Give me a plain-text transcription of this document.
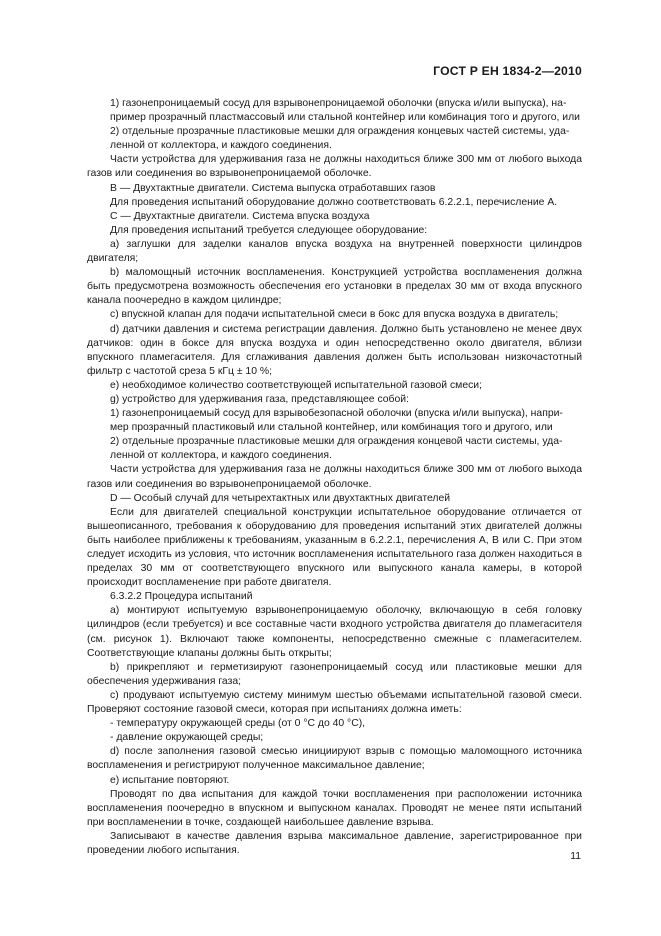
ГОСТ Р ЕН 1834-2—2010

1) газонепроницаемый сосуд для взрывонепроницаемой оболочки (впуска и/или выпуска), на-

пример прозрачный пластмассовый или стальной контейнер или комбинация того и другого, или

2) отдельные прозрачные пластиковые мешки для ограждения концевых частей системы, уда-

ленной от коллектора, и каждого соединения.

Части устройства для удерживания газа не должны находиться ближе 300 мм от любого выхода газов или соединения во взрывонепроницаемой оболочке.

B — Двухтактные двигатели. Система выпуска отработавших газов

Для проведения испытаний оборудование должно соответствовать 6.2.2.1, перечисление A.

C — Двухтактные двигатели. Система впуска воздуха

Для проведения испытаний требуется следующее оборудование:

a) заглушки для заделки каналов впуска воздуха на внутренней поверхности цилиндров двигателя;

b) маломощный источник воспламенения. Конструкцией устройства воспламенения должна быть предусмотрена возможность обеспечения его установки в пределах 30 мм от входа впускного канала поочередно в каждом цилиндре;

c) впускной клапан для подачи испытательной смеси в бокс для впуска воздуха в двигатель;

d) датчики давления и система регистрации давления. Должно быть установлено не менее двух датчиков: один в боксе для впуска воздуха и один непосредственно около двигателя, вблизи впускного пламегасителя. Для сглаживания давления должен быть использован низкочастотный фильтр с частотой среза 5 кГц ± 10 %;

e) необходимое количество соответствующей испытательной газовой смеси;

g) устройство для удерживания газа, представляющее собой:

1) газонепроницаемый сосуд для взрывобезопасной оболочки (впуска и/или выпуска), напри-

мер прозрачный пластиковый или стальной контейнер, или комбинация того и другого, или

2) отдельные прозрачные пластиковые мешки для ограждения концевой части системы, уда-

ленной от коллектора, и каждого соединения.

Части устройства для удерживания газа не должны находиться ближе 300 мм от любого выхода газов или соединения во взрывонепроницаемой оболочке.

D — Особый случай для четырехтактных или двухтактных двигателей

Если для двигателей специальной конструкции испытательное оборудование отличается от вышеописанного, требования к оборудованию для проведения испытаний этих двигателей должны быть наиболее приближены к требованиям, указанным в 6.2.2.1, перечисления A, B или C. При этом следует исходить из условия, что источник воспламенения испытательного газа должен находиться в пределах 30 мм от соответствующего впускного или выпускного канала камеры, в которой происходит воспламенение при работе двигателя.

6.3.2.2 Процедура испытаний

a) монтируют испытуемую взрывонепроницаемую оболочку, включающую в себя головку цилиндров (если требуется) и все составные части входного устройства двигателя до пламегасителя (см. рисунок 1). Включают также компоненты, непосредственно смежные с пламегасителем. Соответствующие клапаны должны быть открыты;

b) прикрепляют и герметизируют газонепроницаемый сосуд или пластиковые мешки для обеспечения удерживания газа;

c) продувают испытуемую систему минимум шестью объемами испытательной газовой смеси. Проверяют состояние газовой смеси, которая при испытаниях должна иметь:

- температуру окружающей среды (от 0 °C до 40 °C),

- давление окружающей среды;

d) после заполнения газовой смесью инициируют взрыв с помощью маломощного источника воспламенения и регистрируют полученное максимальное давление;

e) испытание повторяют.

Проводят по два испытания для каждой точки воспламенения при расположении источника воспламенения поочередно в впускном и выпускном каналах. Проводят не менее пяти испытаний при воспламенении в точке, создающей наибольшее давление взрыва.

Записывают в качестве давления взрыва максимальное давление, зарегистрированное при проведении любого испытания.

11
